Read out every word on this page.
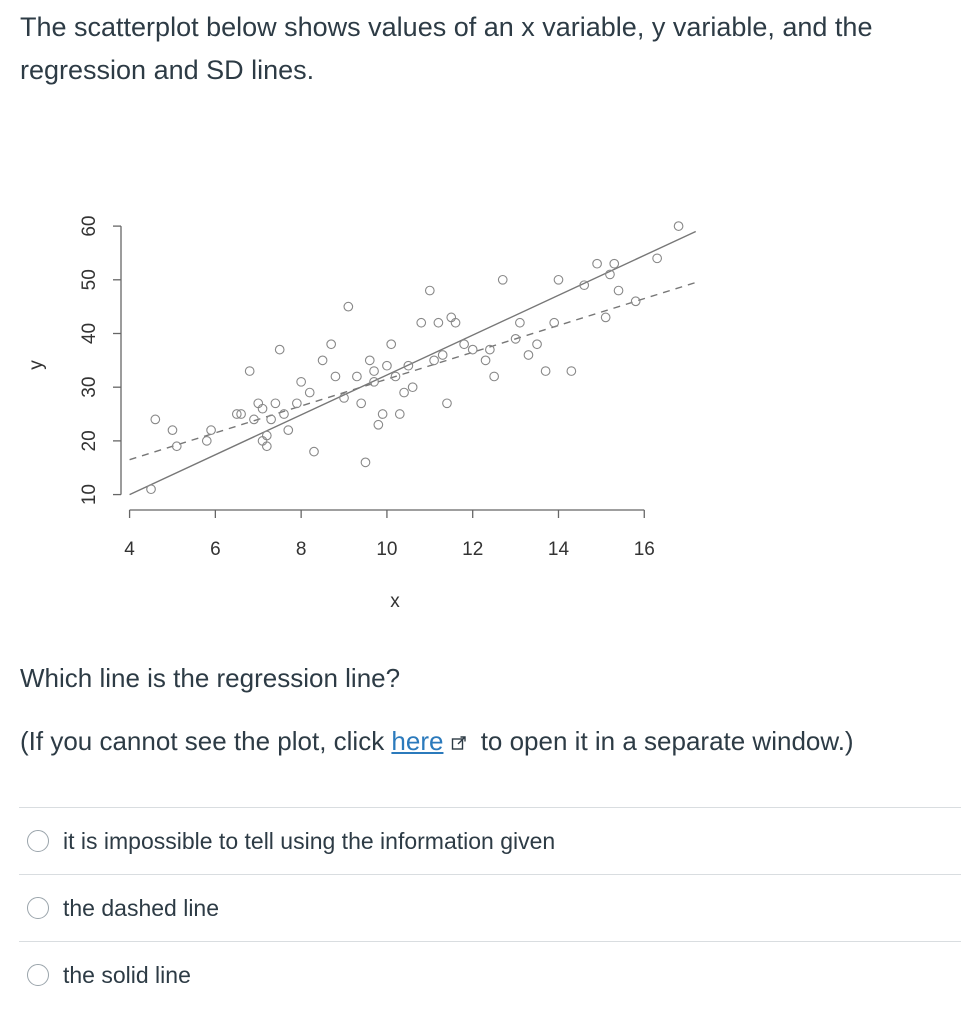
The scatterplot below shows values of an x variable, y variable, and the regression and SD lines.
4	6	8	10	12	14	16
10
20
30
40
50
60
x
y

Which line is the regression line?

(If you cannot see the plot, click here to open it in a separate window.)

it is impossible to tell using the information given
the dashed line
the solid line
